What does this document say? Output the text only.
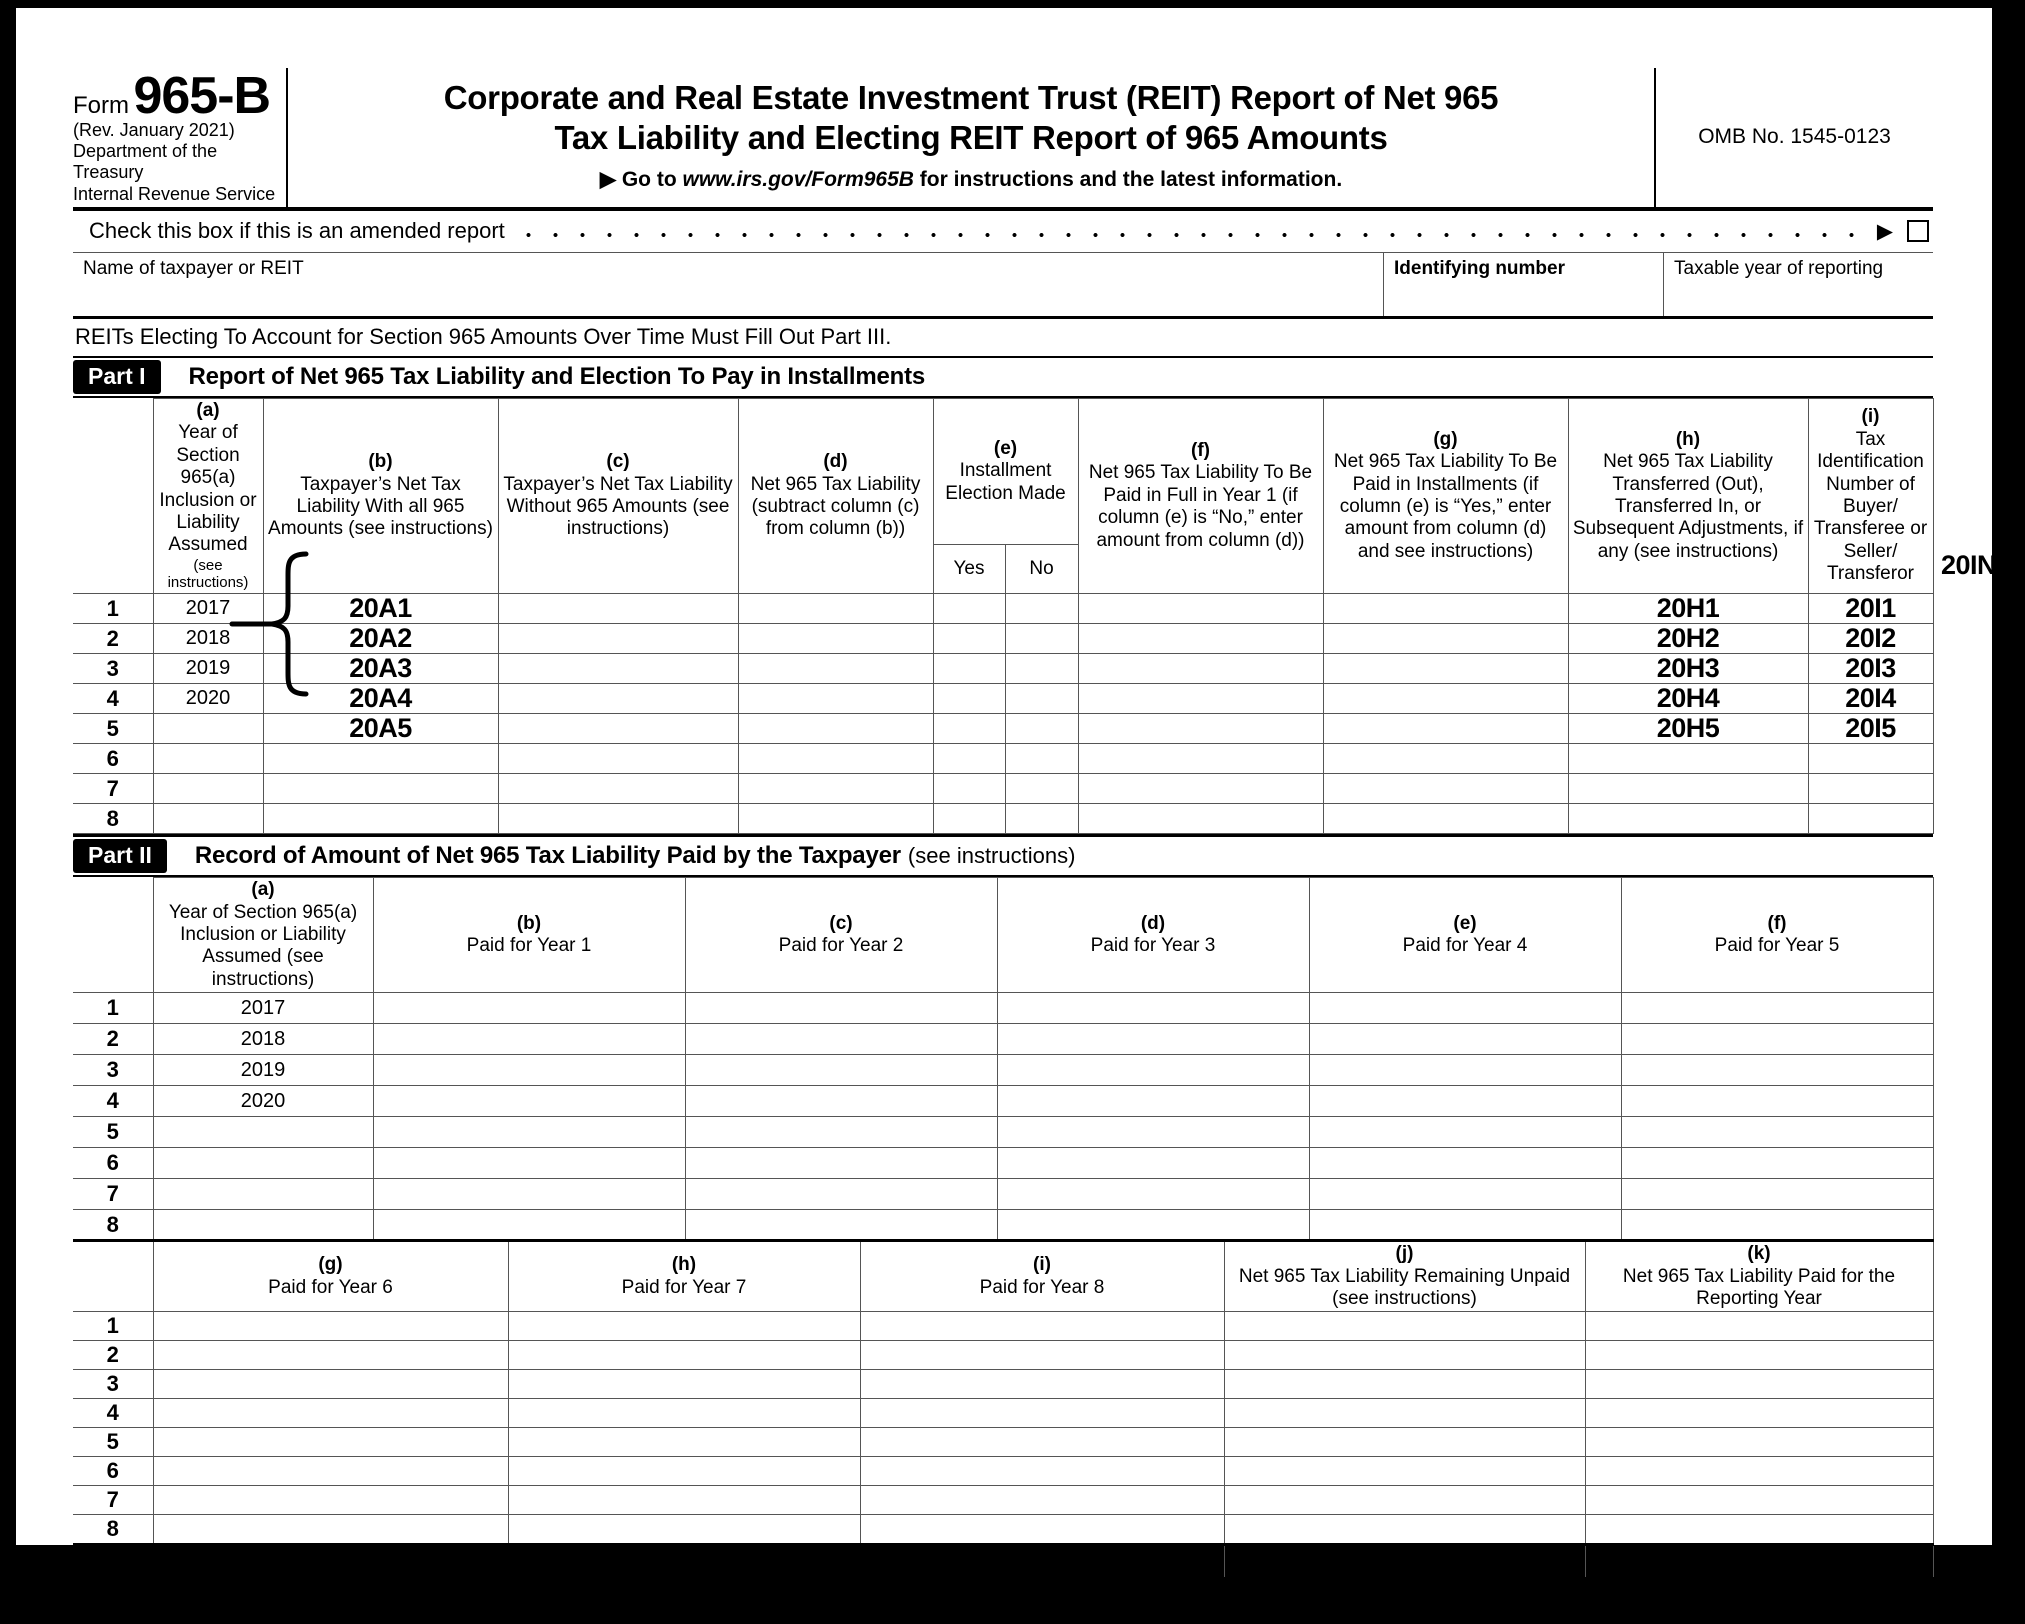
Form 965-B
(Rev. January 2021)
Department of the Treasury
Internal Revenue Service
Corporate and Real Estate Investment Trust (REIT) Report of Net 965
Tax Liability and Electing REIT Report of 965 Amounts
▶ Go to www.irs.gov/Form965B for instructions and the latest information.
OMB No. 1545-0123
Check this box if this is an amended report	▶
Name of taxpayer or REIT	Identifying number	Taxable year of reporting
REITs Electing To Account for Section 965 Amounts Over Time Must Fill Out Part III.
Part I	Report of Net 965 Tax Liability and Election To Pay in Installments

(a)
Year of Section 965(a) Inclusion or Liability Assumed
(see instructions)

(b)
Taxpayer’s Net Tax Liability With all 965 Amounts (see instructions)

(c)
Taxpayer’s Net Tax Liability Without 965 Amounts (see instructions)

(d)
Net 965 Tax Liability (subtract column (c) from column (b))

(e)
Installment Election Made

(f)
Net 965 Tax Liability To Be Paid in Full in Year 1 (if column (e) is “No,” enter amount from column (d))

(g)
Net 965 Tax Liability To Be Paid in Installments (if column (e) is “Yes,” enter amount from column (d) and see instructions)

(h)
Net 965 Tax Liability Transferred (Out), Transferred In, or Subsequent Adjustments, if any (see instructions)

(i)
Tax Identification Number of Buyer/ Transferee or Seller/ Transferor

					Yes	No				
1	2017	20A1							20H1	20I1
2	2018	20A2							20H2	20I2
3	2019	20A3							20H3	20I3
4	2020	20A4							20H4	20I4
5		20A5							20H5	20I5
6										
7										
8										
20IN
Part II	Record of Amount of Net 965 Tax Liability Paid by the Taxpayer (see instructions)

(a)
Year of Section 965(a) Inclusion or Liability Assumed (see instructions)

(b)
Paid for Year 1

(c)
Paid for Year 2

(d)
Paid for Year 3

(e)
Paid for Year 4

(f)
Paid for Year 5

1	2017					
2	2018					
3	2019					
4	2020					
5						
6						
7						
8						

(g)
Paid for Year 6

(h)
Paid for Year 7

(i)
Paid for Year 8

(j)
Net 965 Tax Liability Remaining Unpaid (see instructions)

(k)
Net 965 Tax Liability Paid for the Reporting Year

1					
2					
3					
4					
5					
6					
7					
8					

Totals ▶					

For Privacy Act and Paperwork Reduction Act Notice, see the separate instructions.	Cat. No. 71278S	Form 965-B (Rev. 1-2021)
